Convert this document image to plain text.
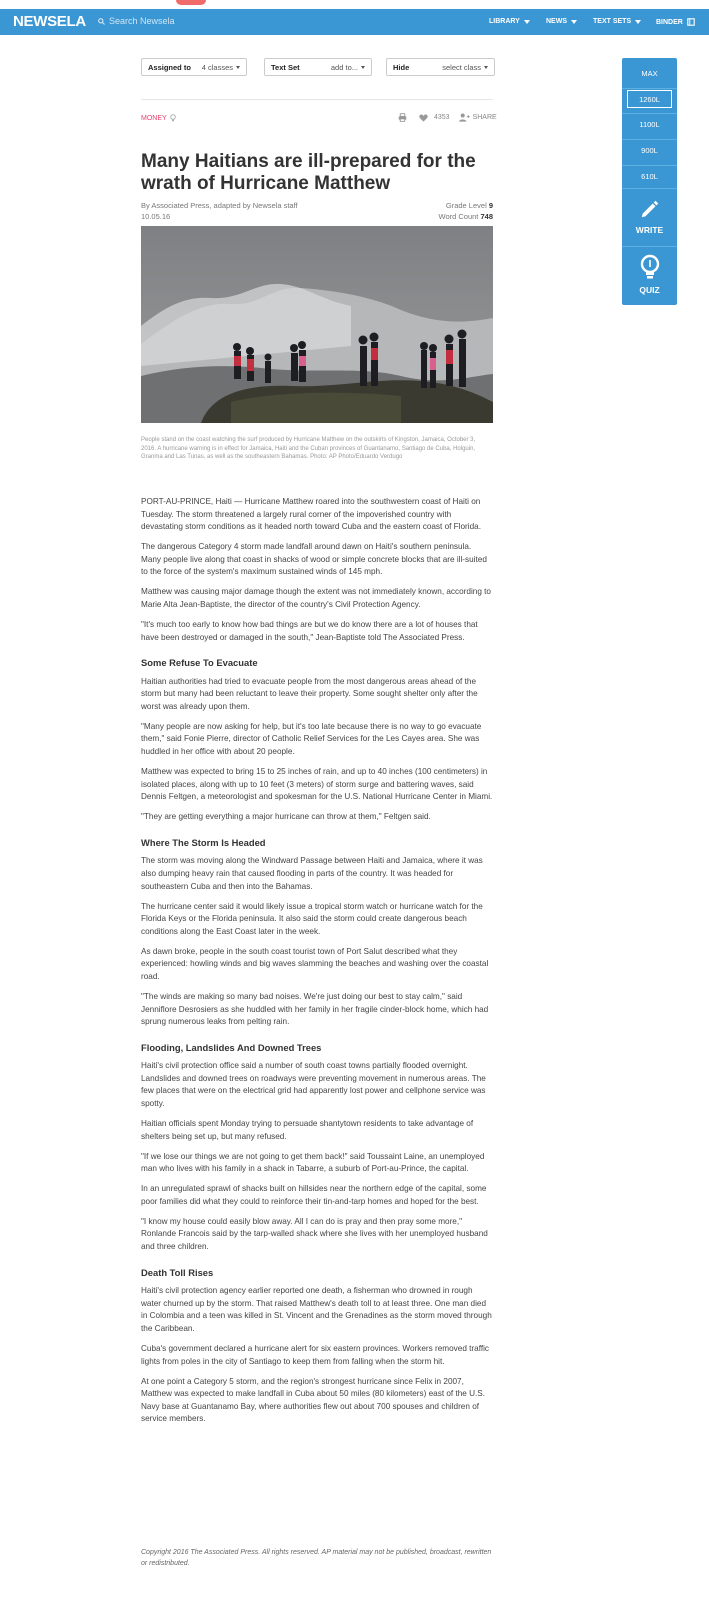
NEWSELA	Search Newsela	LIBRARY	NEWS	TEXT SETS	BINDER
Assigned to 4 classes	Text Set	add to...	Hide	select class
MONEY	4353	SHARE
Many Haitians are ill-prepared for the wrath of Hurricane Matthew
By Associated Press, adapted by Newsela staff
10.05.16
Grade Level 9
Word Count 748
People stand on the coast watching the surf produced by Hurricane Matthew on the outskirts of Kingston, Jamaica, October 3, 2016. A hurricane warning is in effect for Jamaica, Haiti and the Cuban provinces of Guantanamo, Santiago de Cuba, Holguin, Granma and Las Tunas, as well as the southeastern Bahamas. Photo: AP Photo/Eduardo Verdugo

PORT-AU-PRINCE, Haiti — Hurricane Matthew roared into the southwestern coast of Haiti on Tuesday. The storm threatened a largely rural corner of the impoverished country with devastating storm conditions as it headed north toward Cuba and the eastern coast of Florida.

The dangerous Category 4 storm made landfall around dawn on Haiti's southern peninsula. Many people live along that coast in shacks of wood or simple concrete blocks that are ill-suited to the force of the system's maximum sustained winds of 145 mph.

Matthew was causing major damage though the extent was not immediately known, according to Marie Alta Jean-Baptiste, the director of the country's Civil Protection Agency.

"It's much too early to know how bad things are but we do know there are a lot of houses that have been destroyed or damaged in the south," Jean-Baptiste told The Associated Press.

Some Refuse To Evacuate

Haitian authorities had tried to evacuate people from the most dangerous areas ahead of the storm but many had been reluctant to leave their property. Some sought shelter only after the worst was already upon them.

"Many people are now asking for help, but it's too late because there is no way to go evacuate them," said Fonie Pierre, director of Catholic Relief Services for the Les Cayes area. She was huddled in her office with about 20 people.

Matthew was expected to bring 15 to 25 inches of rain, and up to 40 inches (100 centimeters) in isolated places, along with up to 10 feet (3 meters) of storm surge and battering waves, said Dennis Feltgen, a meteorologist and spokesman for the U.S. National Hurricane Center in Miami.

"They are getting everything a major hurricane can throw at them," Feltgen said.

Where The Storm Is Headed

The storm was moving along the Windward Passage between Haiti and Jamaica, where it was also dumping heavy rain that caused flooding in parts of the country. It was headed for southeastern Cuba and then into the Bahamas.

The hurricane center said it would likely issue a tropical storm watch or hurricane watch for the Florida Keys or the Florida peninsula. It also said the storm could create dangerous beach conditions along the East Coast later in the week.

As dawn broke, people in the south coast tourist town of Port Salut described what they experienced: howling winds and big waves slamming the beaches and washing over the coastal road.

"The winds are making so many bad noises. We're just doing our best to stay calm," said Jenniflore Desrosiers as she huddled with her family in her fragile cinder-block home, which had sprung numerous leaks from pelting rain.

Flooding, Landslides And Downed Trees

Haiti's civil protection office said a number of south coast towns partially flooded overnight. Landslides and downed trees on roadways were preventing movement in numerous areas. The few places that were on the electrical grid had apparently lost power and cellphone service was spotty.

Haitian officials spent Monday trying to persuade shantytown residents to take advantage of shelters being set up, but many refused.

"If we lose our things we are not going to get them back!" said Toussaint Laine, an unemployed man who lives with his family in a shack in Tabarre, a suburb of Port-au-Prince, the capital.

In an unregulated sprawl of shacks built on hillsides near the northern edge of the capital, some poor families did what they could to reinforce their tin-and-tarp homes and hoped for the best.

"I know my house could easily blow away. All I can do is pray and then pray some more," Ronlande Francois said by the tarp-walled shack where she lives with her unemployed husband and three children.

Death Toll Rises

Haiti's civil protection agency earlier reported one death, a fisherman who drowned in rough water churned up by the storm. That raised Matthew's death toll to at least three. One man died in Colombia and a teen was killed in St. Vincent and the Grenadines as the storm moved through the Caribbean.

Cuba's government declared a hurricane alert for six eastern provinces. Workers removed traffic lights from poles in the city of Santiago to keep them from falling when the storm hit.

At one point a Category 5 storm, and the region's strongest hurricane since Felix in 2007, Matthew was expected to make landfall in Cuba about 50 miles (80 kilometers) east of the U.S. Navy base at Guantanamo Bay, where authorities flew out about 700 spouses and children of service members.

Copyright 2016 The Associated Press. All rights reserved. AP material may not be published, broadcast, rewritten or redistributed.
MAX
1260L
1100L
900L
610L
WRITE
QUIZ
